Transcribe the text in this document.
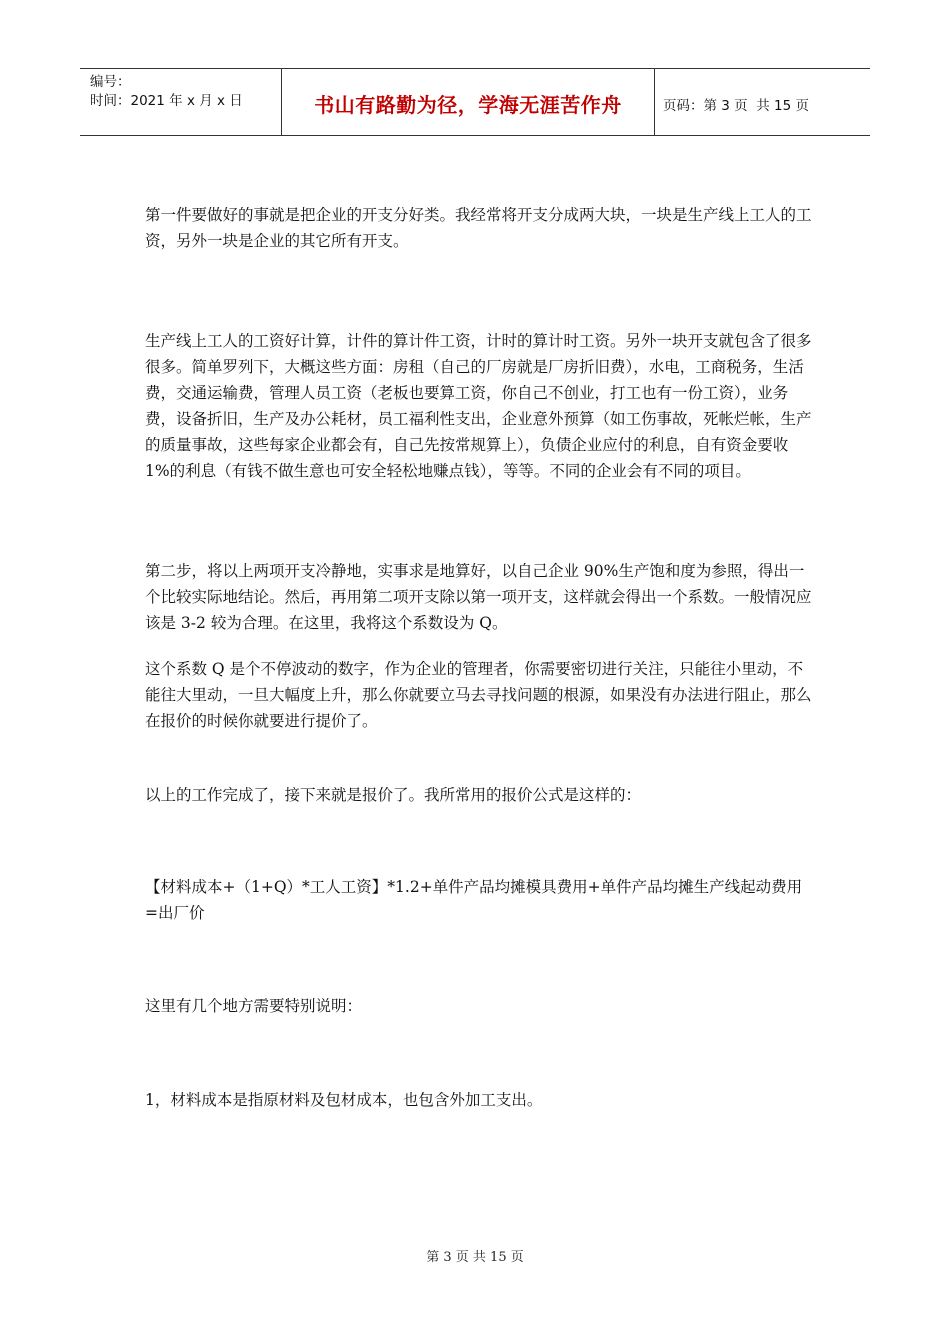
编号：
时间：2021 年 x 月 x 日	书山有路勤为径，学海无涯苦作舟	页码：第 3 页  共 15 页

第一件要做好的事就是把企业的开支分好类。我经常将开支分成两大块，一块是生产线上工人的工资，另外一块是企业的其它所有开支。

生产线上工人的工资好计算，计件的算计件工资，计时的算计时工资。另外一块开支就包含了很多很多。简单罗列下，大概这些方面：房租（自己的厂房就是厂房折旧费），水电，工商税务，生活费，交通运输费，管理人员工资（老板也要算工资，你自己不创业，打工也有一份工资），业务费，设备折旧，生产及办公耗材，员工福利性支出，企业意外预算（如工伤事故，死帐烂帐，生产的质量事故，这些每家企业都会有，自己先按常规算上），负债企业应付的利息，自有资金要收 1%的利息（有钱不做生意也可安全轻松地赚点钱），等等。不同的企业会有不同的项目。

第二步，将以上两项开支冷静地，实事求是地算好，以自己企业 90%生产饱和度为参照，得出一个比较实际地结论。然后，再用第二项开支除以第一项开支，这样就会得出一个系数。一般情况应该是 3-2 较为合理。在这里，我将这个系数设为 Q。

这个系数 Q 是个不停波动的数字，作为企业的管理者，你需要密切进行关注，只能往小里动，不能往大里动，一旦大幅度上升，那么你就要立马去寻找问题的根源，如果没有办法进行阻止，那么在报价的时候你就要进行提价了。

以上的工作完成了，接下来就是报价了。我所常用的报价公式是这样的：

【材料成本+（1+Q）*工人工资】*1.2+单件产品均摊模具费用+单件产品均摊生产线起动费用=出厂价

这里有几个地方需要特别说明：

1，材料成本是指原材料及包材成本，也包含外加工支出。

第 3 页 共 15 页
